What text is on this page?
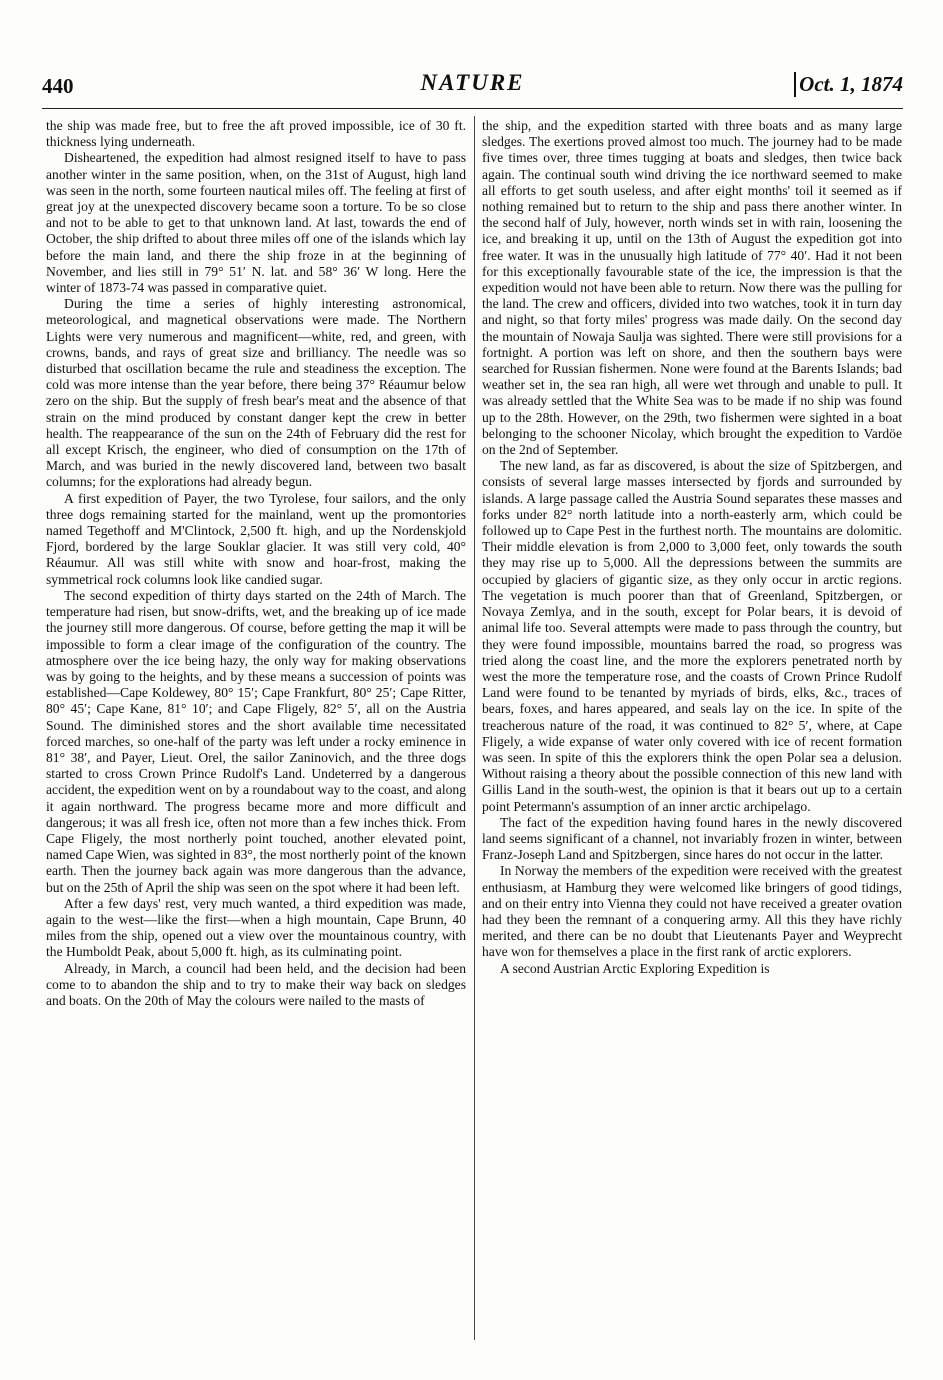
440	NATURE	Oct. 1, 1874

the ship was made free, but to free the aft proved impossible, ice of 30 ft. thickness lying underneath.

Disheartened, the expedition had almost resigned itself to have to pass another winter in the same position, when, on the 31st of August, high land was seen in the north, some fourteen nautical miles off. The feeling at first of great joy at the unexpected discovery became soon a torture. To be so close and not to be able to get to that unknown land. At last, towards the end of October, the ship drifted to about three miles off one of the islands which lay before the main land, and there the ship froze in at the beginning of November, and lies still in 79° 51′ N. lat. and 58° 36′ W long. Here the winter of 1873-74 was passed in comparative quiet.

During the time a series of highly interesting astronomical, meteorological, and magnetical observations were made. The Northern Lights were very numerous and magnificent—white, red, and green, with crowns, bands, and rays of great size and brilliancy. The needle was so disturbed that oscillation became the rule and steadiness the exception. The cold was more intense than the year before, there being 37° Réaumur below zero on the ship. But the supply of fresh bear's meat and the absence of that strain on the mind produced by constant danger kept the crew in better health. The reappearance of the sun on the 24th of February did the rest for all except Krisch, the engineer, who died of consumption on the 17th of March, and was buried in the newly discovered land, between two basalt columns; for the explorations had already begun.

A first expedition of Payer, the two Tyrolese, four sailors, and the only three dogs remaining started for the mainland, went up the promontories named Tegethoff and M'Clintock, 2,500 ft. high, and up the Nordenskjold Fjord, bordered by the large Souklar glacier. It was still very cold, 40° Réaumur. All was still white with snow and hoar-frost, making the symmetrical rock columns look like candied sugar.

The second expedition of thirty days started on the 24th of March. The temperature had risen, but snow-drifts, wet, and the breaking up of ice made the journey still more dangerous. Of course, before getting the map it will be impossible to form a clear image of the configuration of the country. The atmosphere over the ice being hazy, the only way for making observations was by going to the heights, and by these means a succession of points was established—Cape Koldewey, 80° 15′; Cape Frankfurt, 80° 25′; Cape Ritter, 80° 45′; Cape Kane, 81° 10′; and Cape Fligely, 82° 5′, all on the Austria Sound. The diminished stores and the short available time necessitated forced marches, so one-half of the party was left under a rocky eminence in 81° 38′, and Payer, Lieut. Orel, the sailor Zaninovich, and the three dogs started to cross Crown Prince Rudolf's Land. Undeterred by a dangerous accident, the expedition went on by a roundabout way to the coast, and along it again northward. The progress became more and more difficult and dangerous; it was all fresh ice, often not more than a few inches thick. From Cape Fligely, the most northerly point touched, another elevated point, named Cape Wien, was sighted in 83°, the most northerly point of the known earth. Then the journey back again was more dangerous than the advance, but on the 25th of April the ship was seen on the spot where it had been left.

After a few days' rest, very much wanted, a third expedition was made, again to the west—like the first—when a high mountain, Cape Brunn, 40 miles from the ship, opened out a view over the mountainous country, with the Humboldt Peak, about 5,000 ft. high, as its culminating point.

Already, in March, a council had been held, and the decision had been come to to abandon the ship and to try to make their way back on sledges and boats. On the 20th of May the colours were nailed to the masts of

the ship, and the expedition started with three boats and as many large sledges. The exertions proved almost too much. The journey had to be made five times over, three times tugging at boats and sledges, then twice back again. The continual south wind driving the ice northward seemed to make all efforts to get south useless, and after eight months' toil it seemed as if nothing remained but to return to the ship and pass there another winter. In the second half of July, however, north winds set in with rain, loosening the ice, and breaking it up, until on the 13th of August the expedition got into free water. It was in the unusually high latitude of 77° 40′. Had it not been for this exceptionally favourable state of the ice, the impression is that the expedition would not have been able to return. Now there was the pulling for the land. The crew and officers, divided into two watches, took it in turn day and night, so that forty miles' progress was made daily. On the second day the mountain of Nowaja Saulja was sighted. There were still provisions for a fortnight. A portion was left on shore, and then the southern bays were searched for Russian fishermen. None were found at the Barents Islands; bad weather set in, the sea ran high, all were wet through and unable to pull. It was already settled that the White Sea was to be made if no ship was found up to the 28th. However, on the 29th, two fishermen were sighted in a boat belonging to the schooner Nicolay, which brought the expedition to Vardöe on the 2nd of September.

The new land, as far as discovered, is about the size of Spitzbergen, and consists of several large masses intersected by fjords and surrounded by islands. A large passage called the Austria Sound separates these masses and forks under 82° north latitude into a north-easterly arm, which could be followed up to Cape Pest in the furthest north. The mountains are dolomitic. Their middle elevation is from 2,000 to 3,000 feet, only towards the south they may rise up to 5,000. All the depressions between the summits are occupied by glaciers of gigantic size, as they only occur in arctic regions. The vegetation is much poorer than that of Greenland, Spitzbergen, or Novaya Zemlya, and in the south, except for Polar bears, it is devoid of animal life too. Several attempts were made to pass through the country, but they were found impossible, mountains barred the road, so progress was tried along the coast line, and the more the explorers penetrated north by west the more the temperature rose, and the coasts of Crown Prince Rudolf Land were found to be tenanted by myriads of birds, elks, &c., traces of bears, foxes, and hares appeared, and seals lay on the ice. In spite of the treacherous nature of the road, it was continued to 82° 5′, where, at Cape Fligely, a wide expanse of water only covered with ice of recent formation was seen. In spite of this the explorers think the open Polar sea a delusion. Without raising a theory about the possible connection of this new land with Gillis Land in the south-west, the opinion is that it bears out up to a certain point Petermann's assumption of an inner arctic archipelago.

The fact of the expedition having found hares in the newly discovered land seems significant of a channel, not invariably frozen in winter, between Franz-Joseph Land and Spitzbergen, since hares do not occur in the latter.

In Norway the members of the expedition were received with the greatest enthusiasm, at Hamburg they were welcomed like bringers of good tidings, and on their entry into Vienna they could not have received a greater ovation had they been the remnant of a conquering army. All this they have richly merited, and there can be no doubt that Lieutenants Payer and Weyprecht have won for themselves a place in the first rank of arctic explorers.

A second Austrian Arctic Exploring Expedition is
